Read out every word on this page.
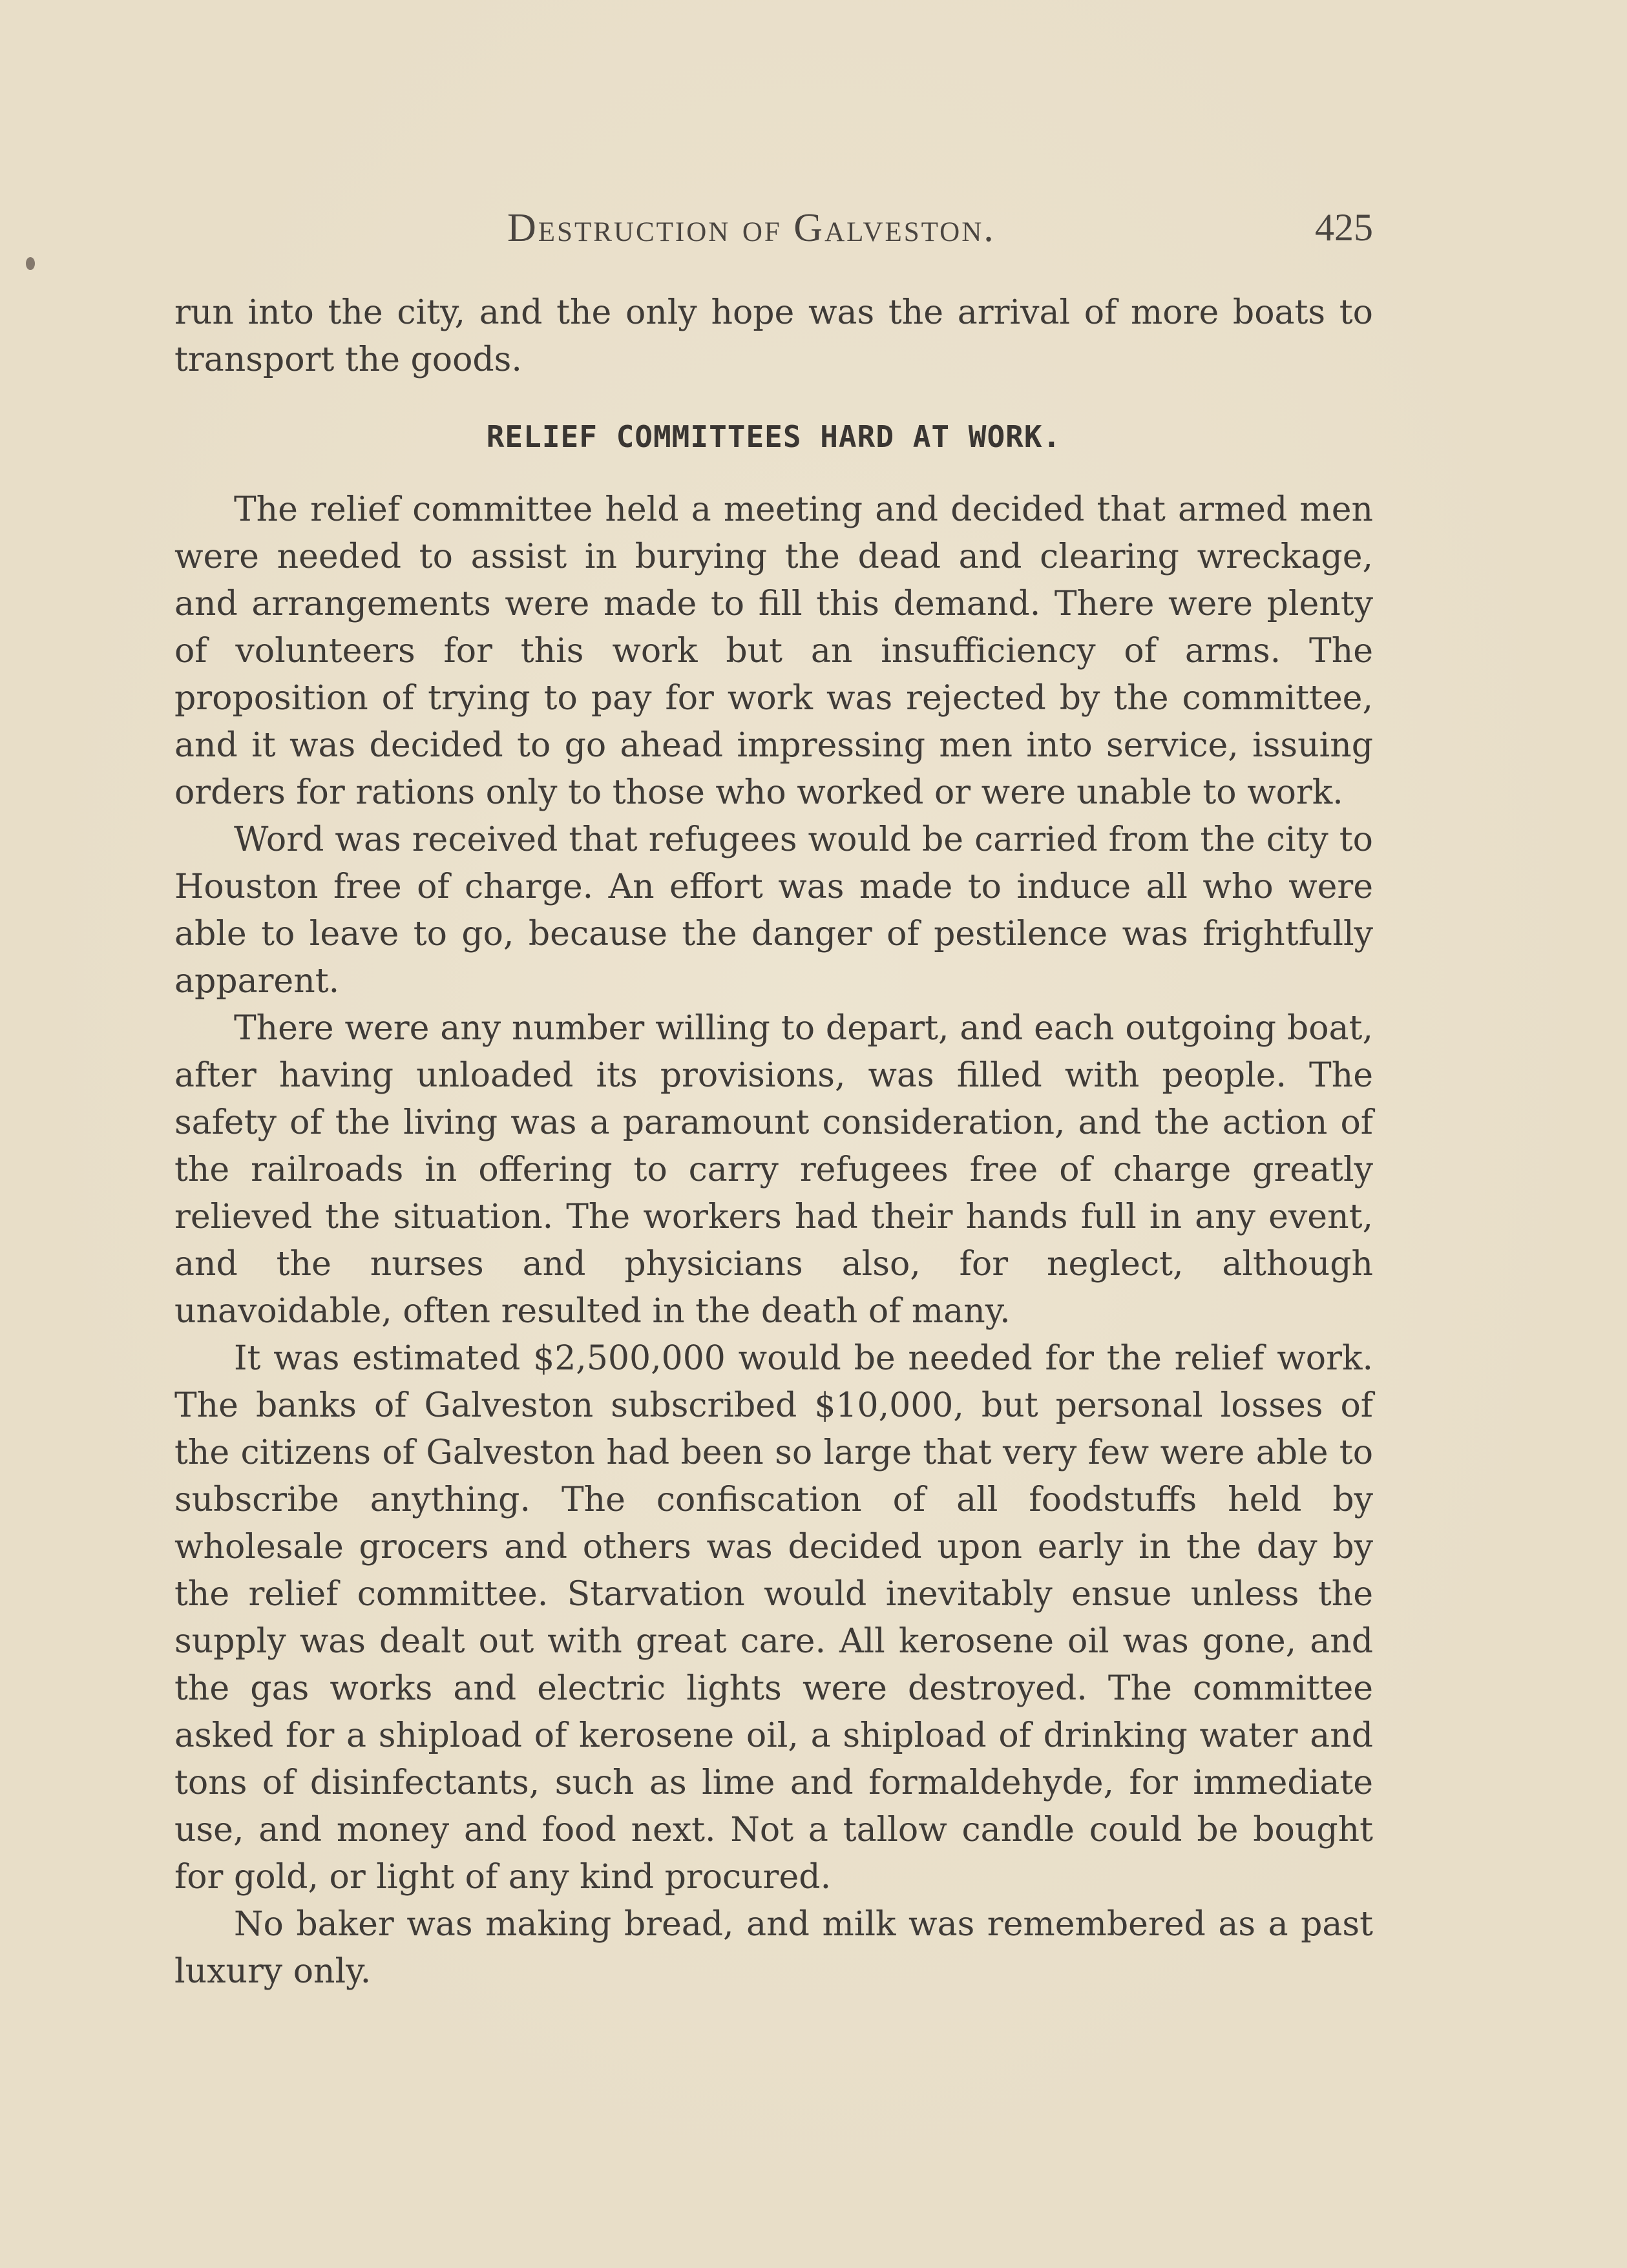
Destruction of Galveston.	425

run into the city, and the only hope was the arrival of more boats to transport the goods.

RELIEF COMMITTEES HARD AT WORK.

The relief committee held a meeting and decided that armed men were needed to assist in burying the dead and clearing wreckage, and arrangements were made to fill this demand. There were plenty of volunteers for this work but an insufficiency of arms. The proposition of trying to pay for work was rejected by the committee, and it was decided to go ahead impressing men into service, issuing orders for rations only to those who worked or were unable to work.

Word was received that refugees would be carried from the city to Houston free of charge. An effort was made to induce all who were able to leave to go, because the danger of pestilence was frightfully apparent.

There were any number willing to depart, and each outgoing boat, after having unloaded its provisions, was filled with people. The safety of the living was a paramount consideration, and the action of the railroads in offering to carry refugees free of charge greatly relieved the situation. The workers had their hands full in any event, and the nurses and physicians also, for neglect, although unavoidable, often resulted in the death of many.

It was estimated $2,500,000 would be needed for the relief work. The banks of Galveston subscribed $10,000, but personal losses of the citizens of Galveston had been so large that very few were able to subscribe anything. The confiscation of all foodstuffs held by wholesale grocers and others was decided upon early in the day by the relief committee. Starvation would inevitably ensue unless the supply was dealt out with great care. All kerosene oil was gone, and the gas works and electric lights were destroyed. The committee asked for a shipload of kerosene oil, a shipload of drinking water and tons of disinfectants, such as lime and formaldehyde, for immediate use, and money and food next. Not a tallow candle could be bought for gold, or light of any kind procured.

No baker was making bread, and milk was remembered as a past luxury only.
